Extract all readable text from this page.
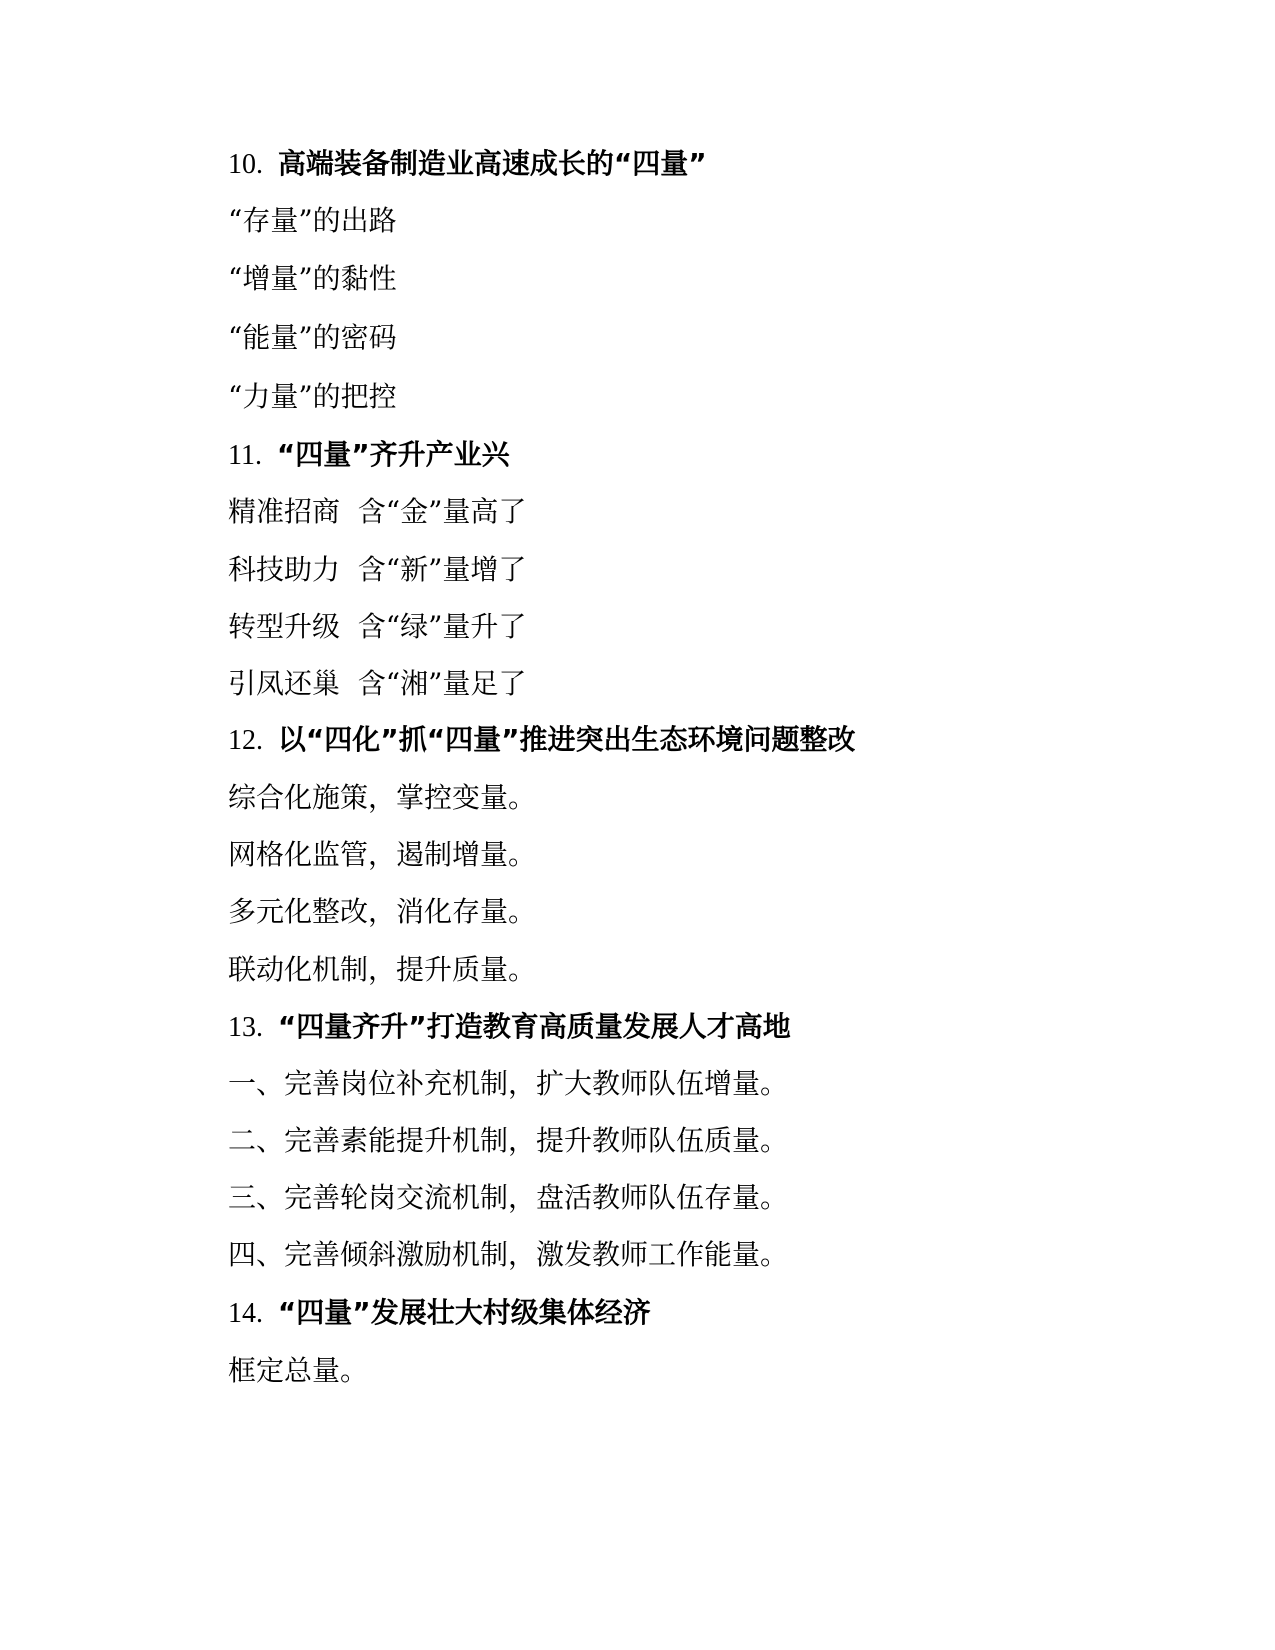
10. 高端装备制造业高速成长的“四量”
“存量”的出路
“增量”的黏性
“能量”的密码
“力量”的把控
11. “四量”齐升产业兴
精准招商  含“金”量高了
科技助力  含“新”量增了
转型升级  含“绿”量升了
引凤还巢  含“湘”量足了
12. 以“四化”抓“四量”推进突出生态环境问题整改
综合化施策，掌控变量。
网格化监管，遏制增量。
多元化整改，消化存量。
联动化机制，提升质量。
13. “四量齐升”打造教育高质量发展人才高地
一、完善岗位补充机制，扩大教师队伍增量。
二、完善素能提升机制，提升教师队伍质量。
三、完善轮岗交流机制，盘活教师队伍存量。
四、完善倾斜激励机制，激发教师工作能量。
14. “四量”发展壮大村级集体经济
框定总量。
